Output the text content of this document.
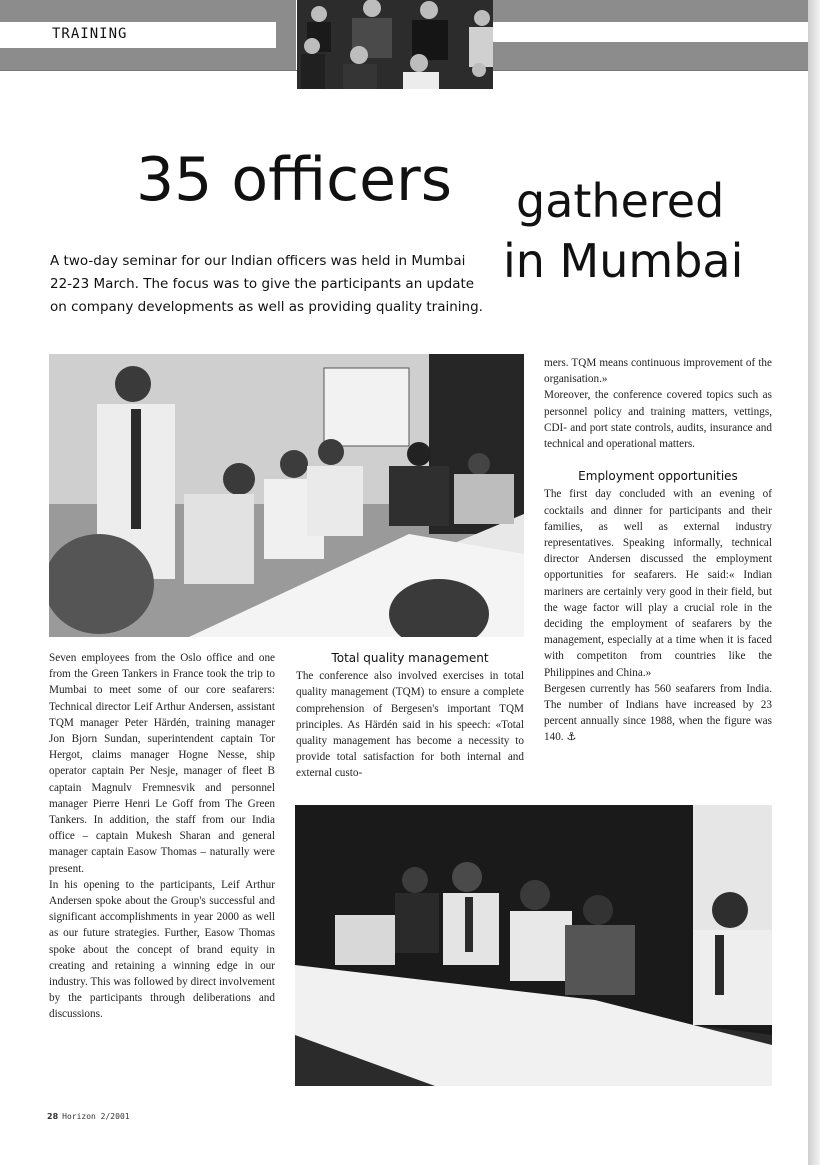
TRAINING
35 officers gathered
in Mumbai
A two-day seminar for our Indian officers was held in Mumbai 22-23 March. The focus was to give the participants an update on company developments as well as providing quality training.

Seven employees from the Oslo office and one from the Green Tankers in France took the trip to Mumbai to meet some of our core seafarers: Technical director Leif Arthur Andersen, assistant TQM manager Peter Härdén, training manager Jon Bjorn Sundan, superintendent captain Tor Hergot, claims manager Hogne Nesse, ship operator captain Per Nesje, manager of fleet B captain Magnulv Fremnesvik and personnel manager Pierre Henri Le Goff from The Green Tankers. In addition, the staff from our India office – captain Mukesh Sharan and general manager captain Easow Thomas – naturally were present.

In his opening to the participants, Leif Arthur Andersen spoke about the Group's successful and significant accomplishments in year 2000 as well as our future strategies. Further, Easow Thomas spoke about the concept of brand equity in creating and retaining a winning edge in our industry. This was followed by direct involvement by the participants through deliberations and discussions.

Total quality management

The conference also involved exercises in total quality management (TQM) to ensure a complete comprehension of Bergesen's important TQM principles. As Härdén said in his speech: «Total quality management has become a necessity to provide total satisfaction for both internal and external custo-

mers. TQM means continuous improvement of the organisation.»

Moreover, the conference covered topics such as personnel policy and training matters, vettings, CDI- and port state controls, audits, insurance and technical and operational matters.

Employment opportunities

The first day concluded with an evening of cocktails and dinner for participants and their families, as well as external industry representatives. Speaking informally, technical director Andersen discussed the employment opportunities for seafarers. He said:« Indian mariners are certainly very good in their field, but the wage factor will play a crucial role in the deciding the employment of seafarers by the management, especially at a time when it is faced with competiton from countries like the Philippines and China.»

Bergesen currently has 560 seafarers from India. The number of Indians have increased by 23 percent annually since 1988, when the figure was 140. ⚓

28 Horizon 2/2001
